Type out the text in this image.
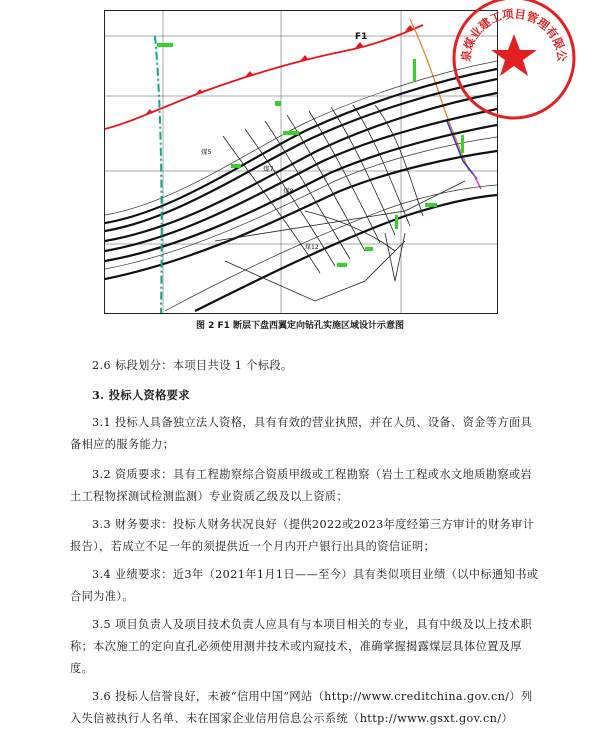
F1
煤5
煤7
煤8
煤12
泉煤业建工项目管理有限公
图 2 F1 断层下盘西翼定向钻孔实施区域设计示意图
2.6 标段划分：本项目共设 1 个标段。
3. 投标人资格要求
3.1 投标人具备独立法人资格，具有有效的营业执照，并在人员、设备、资金等方面具备相应的服务能力；
3.2 资质要求：具有工程勘察综合资质甲级或工程勘察（岩土工程或水文地质勘察或岩土工程物探测试检测监测）专业资质乙级及以上资质；
3.3 财务要求：投标人财务状况良好（提供2022或2023年度经第三方审计的财务审计报告），若成立不足一年的须提供近一个月内开户银行出具的资信证明；
3.4 业绩要求：近3年（2021年1月1日——至今）具有类似项目业绩（以中标通知书或合同为准）。
3.5 项目负责人及项目技术负责人应具有与本项目相关的专业，具有中级及以上技术职称；本次施工的定向直孔必须使用测井技术或内窥技术，准确掌握揭露煤层具体位置及厚度。
3.6 投标人信誉良好，未被“信用中国”网站（http://www.creditchina.gov.cn/）列入失信被执行人名单、未在国家企业信用信息公示系统（http://www.gsxt.gov.cn/）
